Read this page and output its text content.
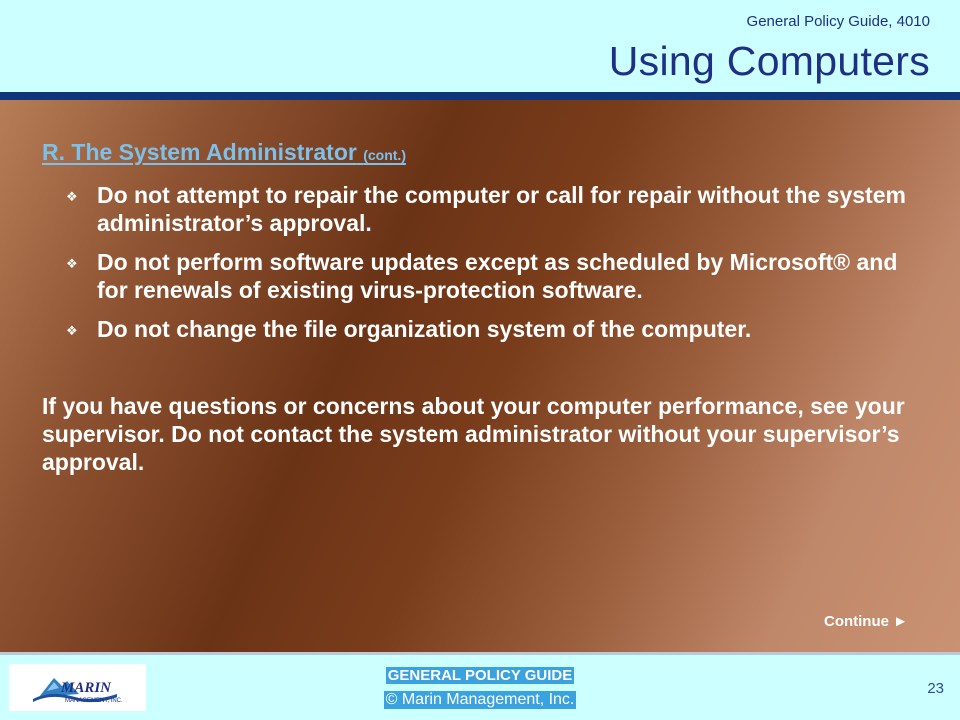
General Policy Guide, 4010
Using Computers
R. The System Administrator (cont.)
❖ Do not attempt to repair the computer or call for repair without the system administrator’s approval.
❖ Do not perform software updates except as scheduled by Microsoft® and for renewals of existing virus-protection software.
❖ Do not change the file organization system of the computer.

If you have questions or concerns about your computer performance, see your supervisor. Do not contact the system administrator without your supervisor’s approval.

Continue ►
MARIN
MANAGEMENT, INC.
GENERAL POLICY GUIDE
© Marin Management, Inc.
23
